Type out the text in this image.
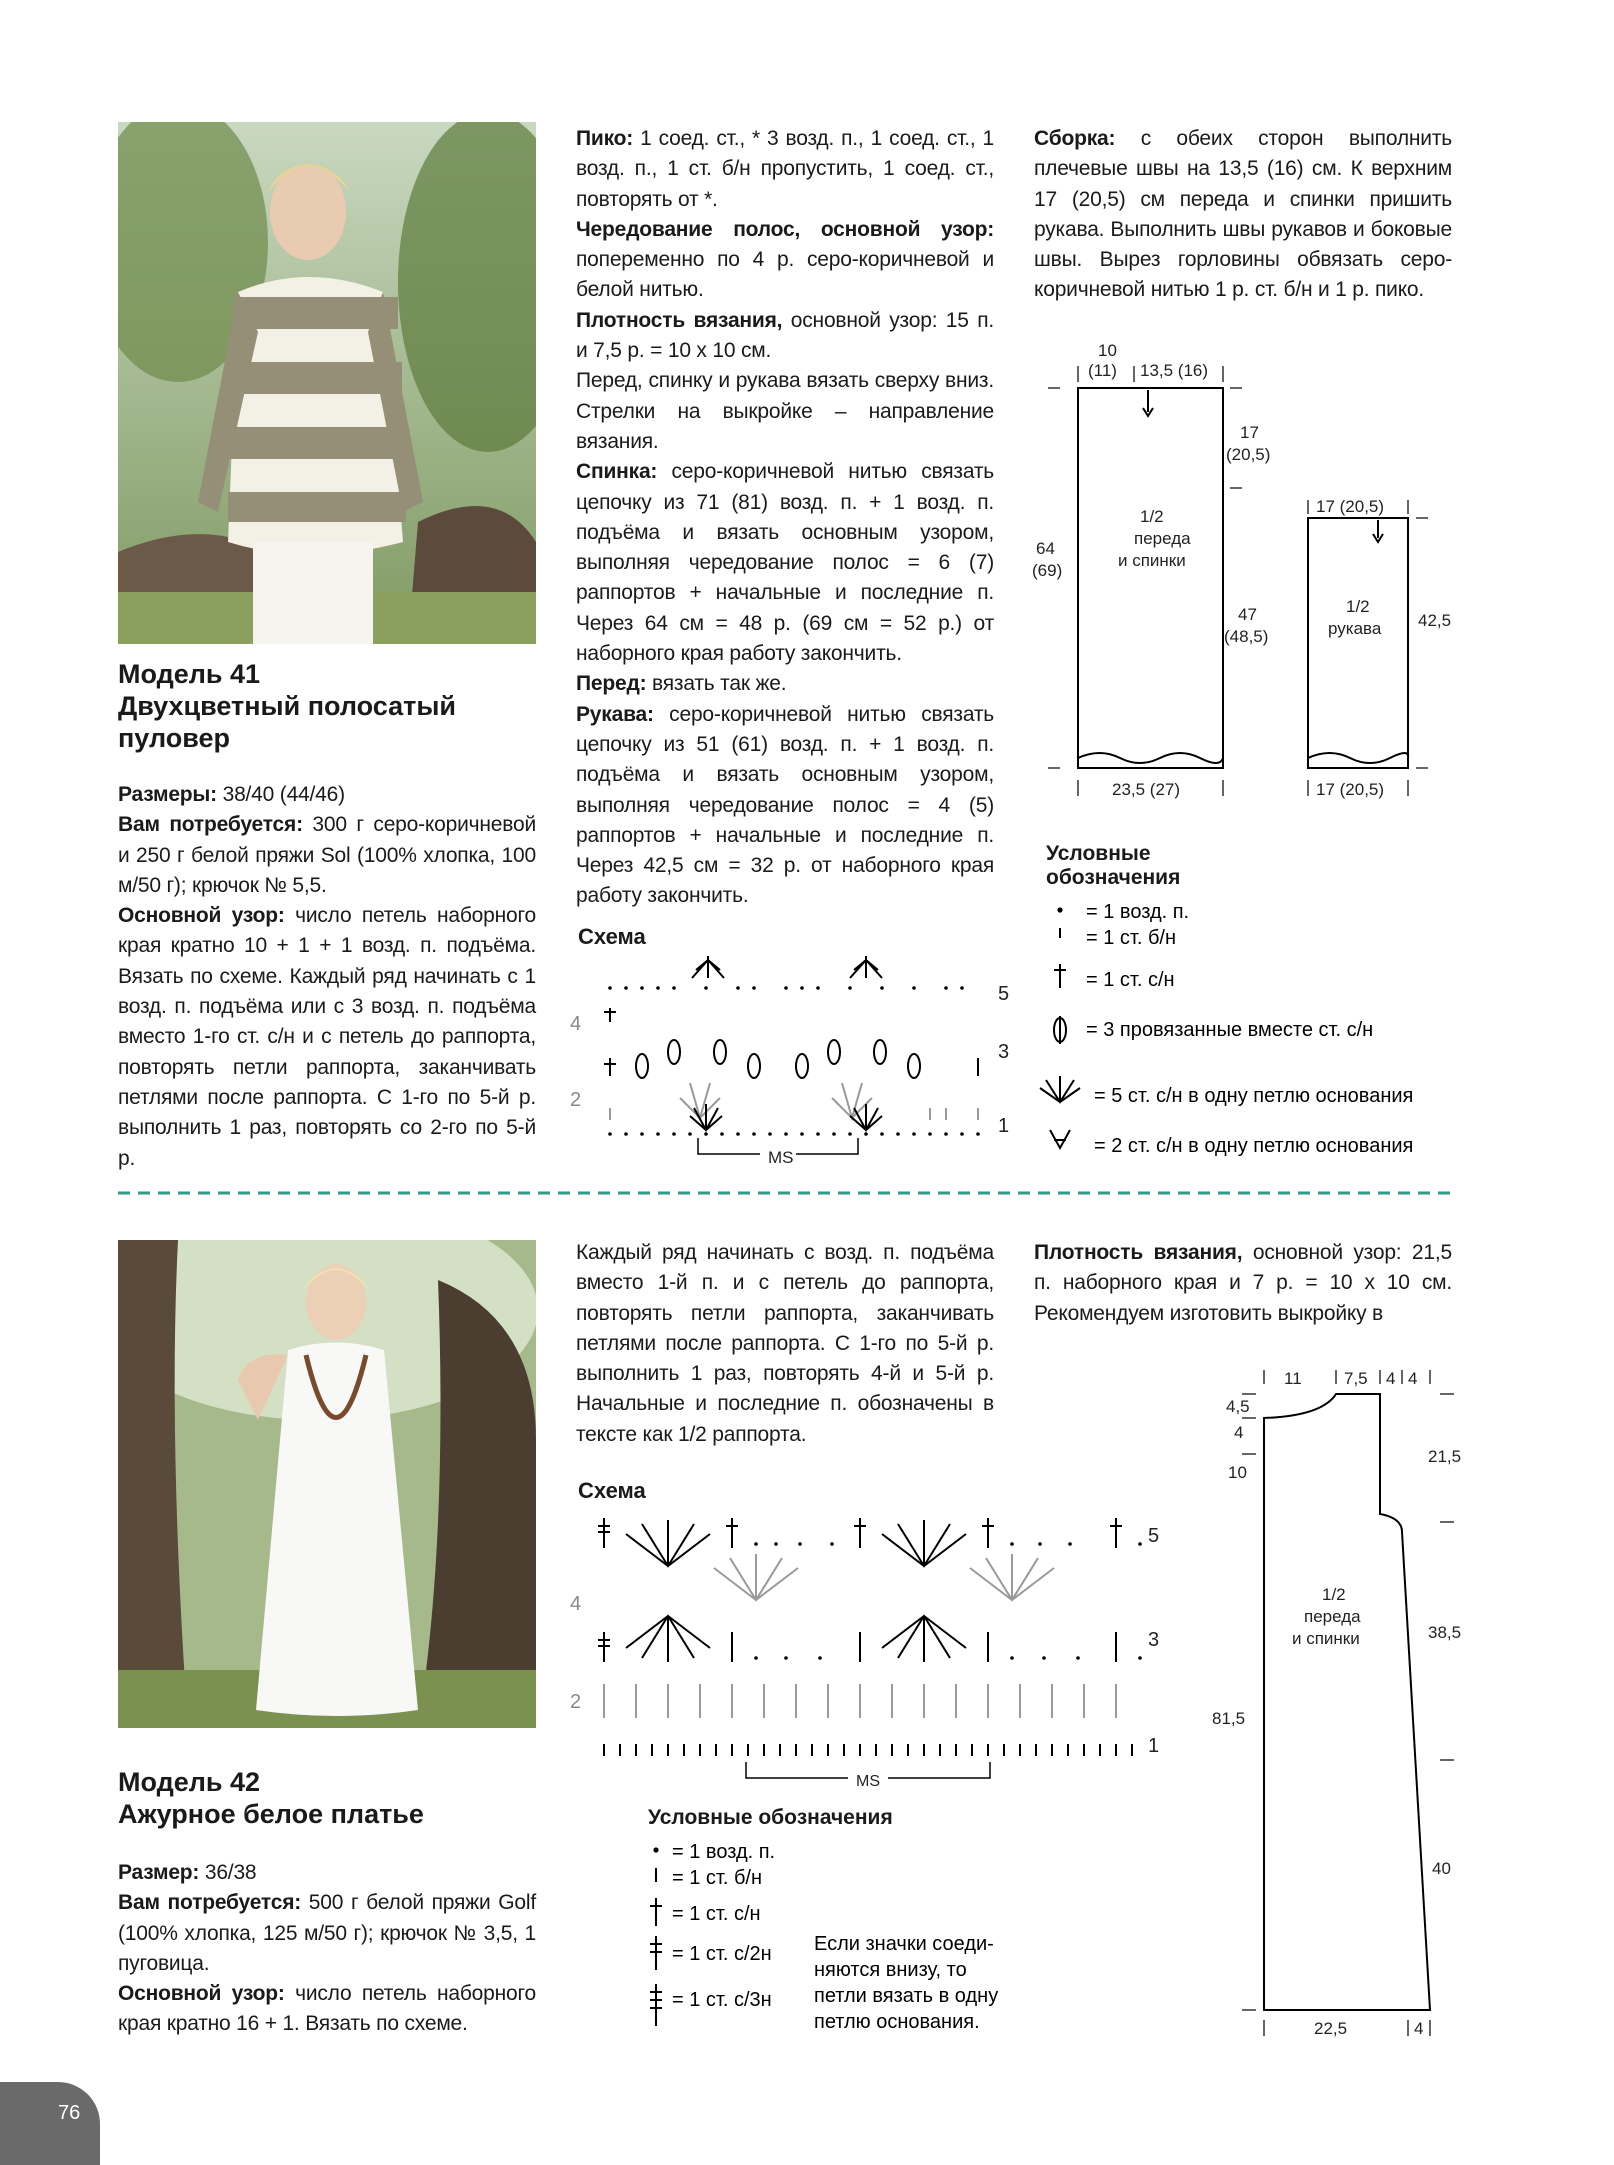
Модель 41
Двухцветный полосатый
пуловер

Размеры: 38/40 (44/46)

Вам потребуется: 300 г серо-коричневой и 250 г белой пряжи Sol (100% хлопка, 100 м/50 г); крючок № 5,5.

Основной узор: число петель наборного края кратно 10 + 1 + 1 возд. п. подъёма. Вязать по схеме. Каждый ряд начинать с 1 возд. п. подъёма или с 3 возд. п. подъёма вместо 1-го ст. с/н и с петель до раппорта, повторять петли раппорта, заканчивать петлями после раппорта. С 1-го по 5-й р. выполнить 1 раз, повторять со 2-го по 5-й р.

Пико: 1 соед. ст., * 3 возд. п., 1 соед. ст., 1 возд. п., 1 ст. б/н пропустить, 1 соед. ст., повторять от *.

Чередование полос, основной узор: попеременно по 4 р. серо-коричневой и белой нитью.

Плотность вязания, основной узор: 15 п. и 7,5 р. = 10 х 10 см.

Перед, спинку и рукава вязать сверху вниз. Стрелки на выкройке – направление вязания.

Спинка: серо-коричневой нитью связать цепочку из 71 (81) возд. п. + 1 возд. п. подъёма и вязать основным узором, выполняя чередование полос = 6 (7) раппортов + начальные и последние п. Через 64 см = 48 р. (69 см = 52 р.) от наборного края работу закончить.

Перед: вязать так же.

Рукава: серо-коричневой нитью связать цепочку из 51 (61) возд. п. + 1 возд. п. подъёма и вязать основным узором, выполняя чередование полос = 4 (5) раппортов + начальные и последние п. Через 42,5 см = 32 р. от наборного края работу закончить.

Сборка: с обеих сторон выполнить плечевые швы на 13,5 (16) см. К верхним 17 (20,5) см переда и спинки пришить рукава. Выполнить швы рукавов и боковые швы. Вырез горловины обвязать серо-коричневой нитью 1 р. ст. б/н и 1 р. пико.

Схема
4
2
5
3
1
MS
10
(11) 13,5 (16)
17
(20,5)
64
(69)
1/2
переда
и спинки
47
(48,5)
23,5 (27)
17 (20,5)
1/2
рукава 42,5
17 (20,5)
Условные
обозначения
= 1 возд. п.
= 1 ст. б/н
= 1 ст. с/н
= 3 провязанные вместе ст. с/н
= 5 ст. с/н в одну петлю основания
= 2 ст. с/н в одну петлю основания
Модель 42
Ажурное белое платье

Размер: 36/38

Вам потребуется: 500 г белой пряжи Golf (100% хлопка, 125 м/50 г); крючок № 3,5, 1 пуговица.

Основной узор: число петель наборного края кратно 16 + 1. Вязать по схеме.

Каждый ряд начинать с возд. п. подъёма вместо 1-й п. и с петель до раппорта, повторять петли раппорта, заканчивать петлями после раппорта. С 1-го по 5-й р. выполнить 1 раз, повторять 4-й и 5-й р. Начальные и последние п. обозначены в тексте как 1/2 раппорта.

Плотность вязания, основной узор: 21,5 п. наборного края и 7 р. = 10 х 10 см. Рекомендуем изготовить выкройку в

Схема
4
2
5
3
1
MS
Условные обозначения
= 1 возд. п.
= 1 ст. б/н
= 1 ст. с/н
= 1 ст. с/2н
= 1 ст. с/3н
Если значки соеди-
няются внизу, то
петли вязать в одну
петлю основания.
11 7,5 4 4
4,5
4
10
81,5
21,5
38,5
40
1/2
переда
и спинки
22,5	4
76
